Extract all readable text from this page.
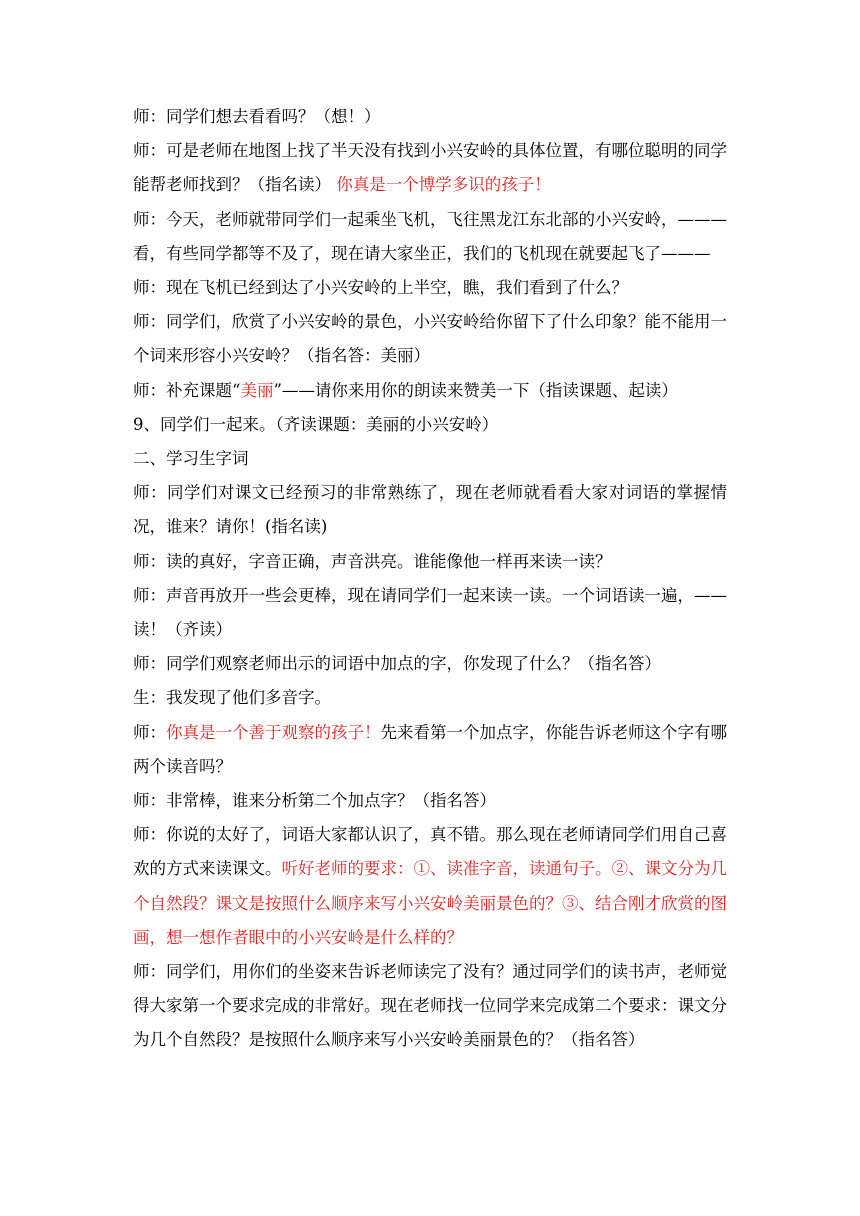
师：同学们想去看看吗？（想！）

师：可是老师在地图上找了半天没有找到小兴安岭的具体位置，有哪位聪明的同学能帮老师找到？（指名读） 你真是一个博学多识的孩子！

师：今天，老师就带同学们一起乘坐飞机，飞往黑龙江东北部的小兴安岭，———看，有些同学都等不及了，现在请大家坐正，我们的飞机现在就要起飞了———

师：现在飞机已经到达了小兴安岭的上半空，瞧，我们看到了什么？

师：同学们，欣赏了小兴安岭的景色，小兴安岭给你留下了什么印象？能不能用一个词来形容小兴安岭？（指名答：美丽）

师：补充课题“美丽”——请你来用你的朗读来赞美一下（指读课题、起读）

9、同学们一起来。（齐读课题：美丽的小兴安岭）

二、学习生字词

师：同学们对课文已经预习的非常熟练了，现在老师就看看大家对词语的掌握情况，谁来？请你！(指名读)

师：读的真好，字音正确，声音洪亮。谁能像他一样再来读一读？

师：声音再放开一些会更棒，现在请同学们一起来读一读。一个词语读一遍，——读！（齐读）

师：同学们观察老师出示的词语中加点的字，你发现了什么？（指名答）

生：我发现了他们多音字。

师：你真是一个善于观察的孩子！先来看第一个加点字，你能告诉老师这个字有哪两个读音吗？

师：非常棒，谁来分析第二个加点字？（指名答）

师：你说的太好了，词语大家都认识了，真不错。那么现在老师请同学们用自己喜欢的方式来读课文。听好老师的要求：①、读准字音，读通句子。②、课文分为几个自然段？课文是按照什么顺序来写小兴安岭美丽景色的？③、结合刚才欣赏的图画，想一想作者眼中的小兴安岭是什么样的？

师：同学们，用你们的坐姿来告诉老师读完了没有？通过同学们的读书声，老师觉得大家第一个要求完成的非常好。现在老师找一位同学来完成第二个要求：课文分为几个自然段？是按照什么顺序来写小兴安岭美丽景色的？（指名答）
